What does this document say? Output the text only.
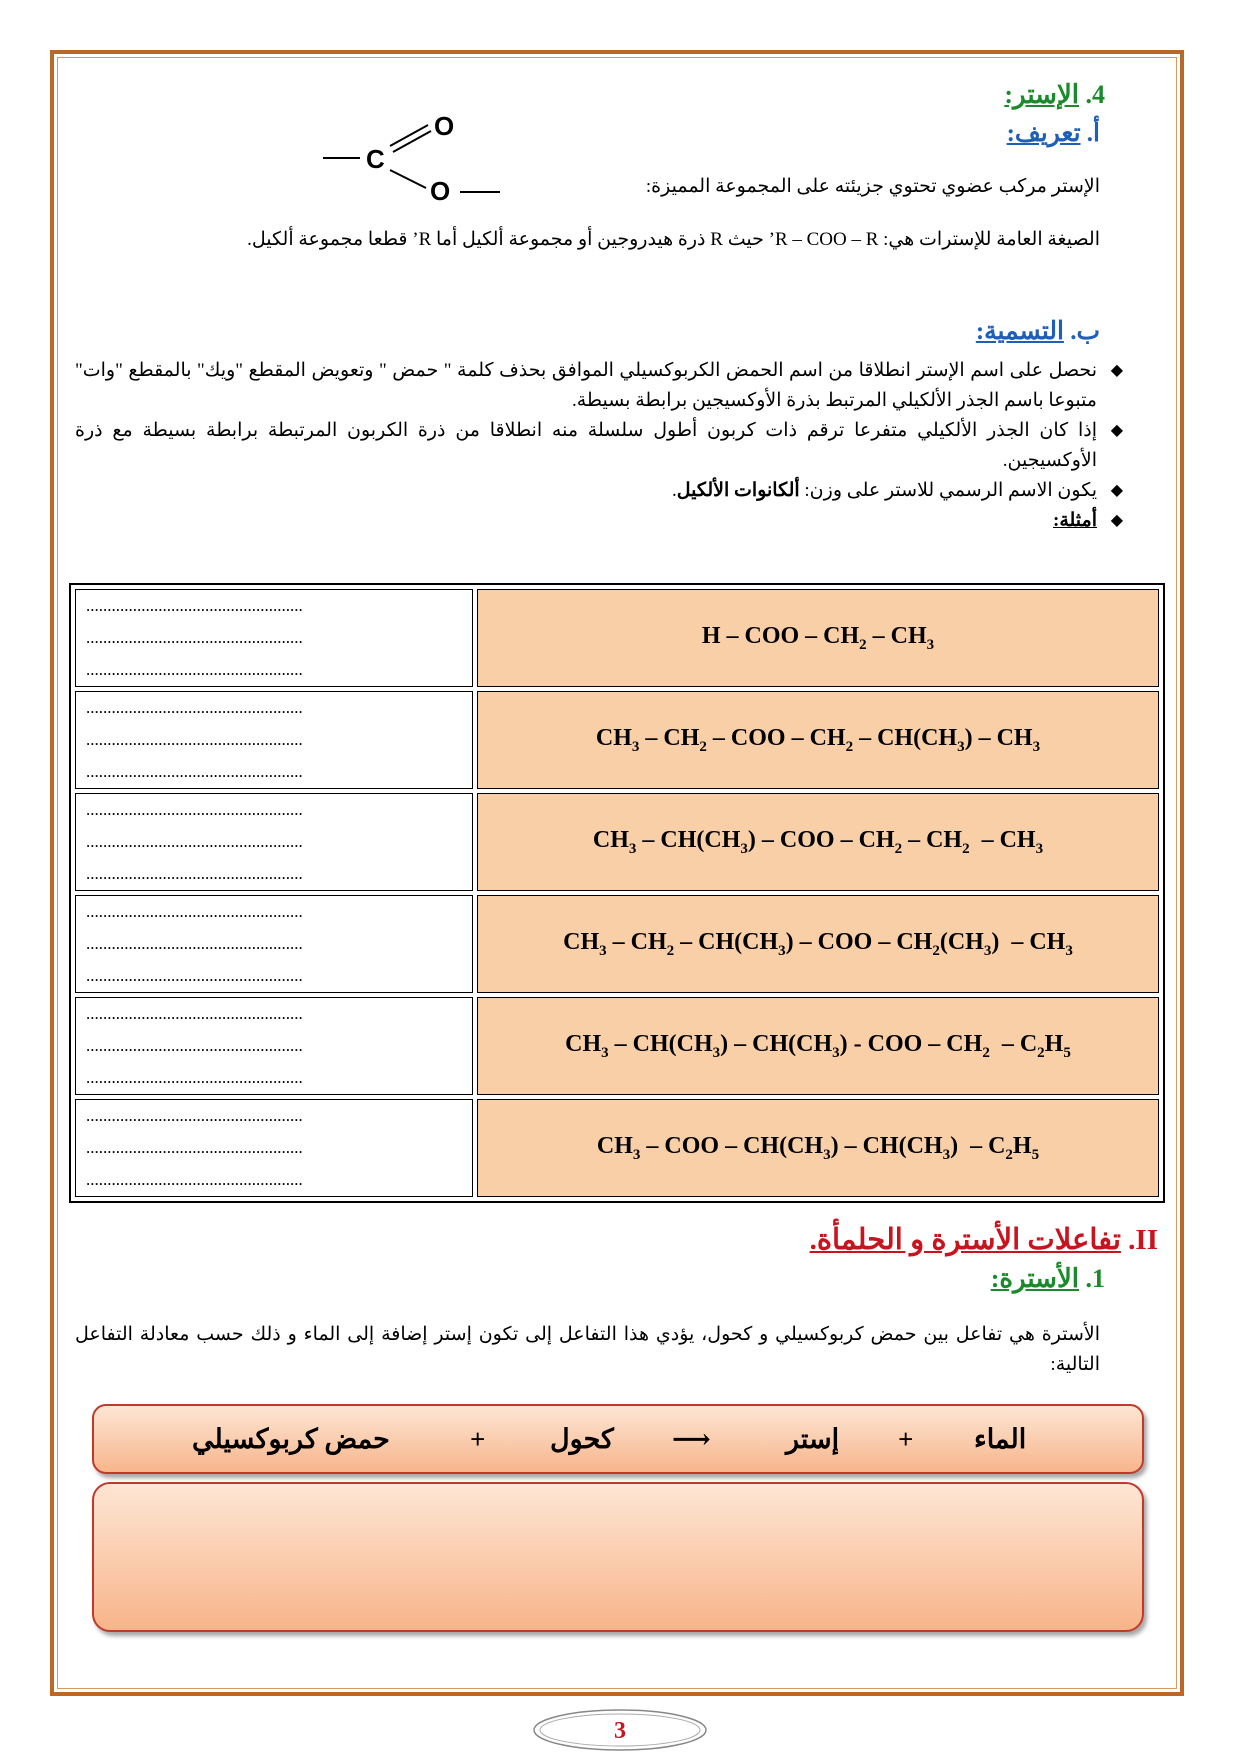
4. الإستر:
أ. تعريف:
C
O
O	الإستر مركب عضوي تحتوي جزيئته على المجموعة المميزة:
الصيغة العامة للإسترات هي: R – COO – R’ حيث R ذرة هيدروجين أو مجموعة ألكيل أما R’ قطعا مجموعة ألكيل.
ب. التسمية:
◆
نحصل على اسم الإستر انطلاقا من اسم الحمض الكربوكسيلي الموافق بحذف كلمة " حمض " وتعويض المقطع "ويك" بالمقطع "وات" متبوعا باسم الجذر الألكيلي المرتبط بذرة الأوكسيجين برابطة بسيطة.
◆
إذا كان الجذر الألكيلي متفرعا ترقم ذات كربون أطول سلسلة منه انطلاقا من ذرة الكربون المرتبطة برابطة بسيطة مع ذرة الأوكسيجين.
◆
يكون الاسم الرسمي للاستر على وزن: ألكانوات الألكيل.
◆
أمثلة:
...................................................
...................................................
...................................................	H – COO – $CH_2 - CH_3$

...................................................
...................................................
...................................................	$CH_3 - CH_2$ – COO – $CH_2 - CH(CH_3) - CH_3$

...................................................
...................................................
...................................................	$CH_3 - CH(CH_3)$ – COO – $CH_2 - CH_2 - CH_3$

...................................................
...................................................
...................................................	$CH_3 - CH_2 - CH(CH_3)$ – COO – $CH_2(CH_3) - CH_3$

...................................................
...................................................
...................................................	$CH_3 - CH(CH_3) - CH(CH_3)$ - COO – $CH_2 - C_2H_5$

...................................................
...................................................
...................................................	$CH_3$ – COO – $CH(CH_3) - CH(CH_3) - C_2H_5$
II. تفاعلات الأسترة و الحلمأة.
1. الأسترة:
الأسترة هي تفاعل بين حمض كربوكسيلي و كحول، يؤدي هذا التفاعل إلى تكون إستر إضافة إلى الماء و ذلك حسب معادلة التفاعل التالية:
حمض كربوكسيلي	+ كحول ⟶	إستر + الماء
3
